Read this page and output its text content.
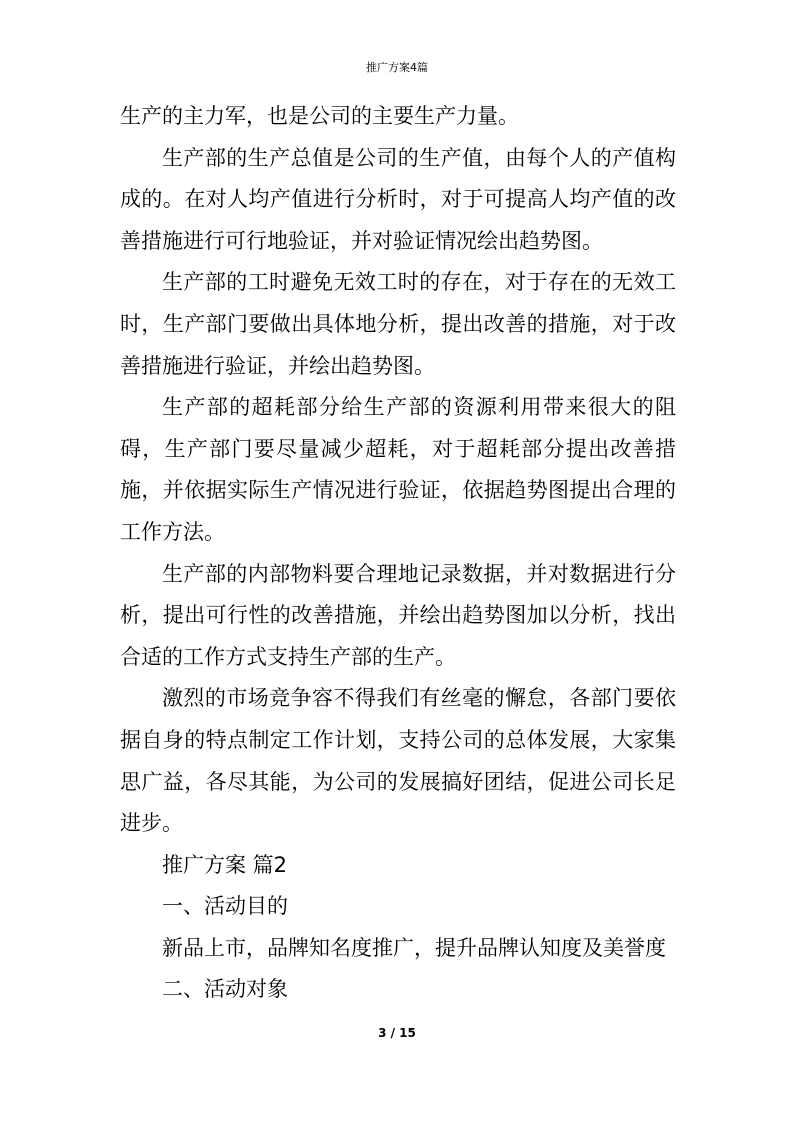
推广方案4篇

生产的主力军，也是公司的主要生产力量。

生产部的生产总值是公司的生产值，由每个人的产值构成的。在对人均产值进行分析时，对于可提高人均产值的改善措施进行可行地验证，并对验证情况绘出趋势图。

生产部的工时避免无效工时的存在，对于存在的无效工时，生产部门要做出具体地分析，提出改善的措施，对于改善措施进行验证，并绘出趋势图。

生产部的超耗部分给生产部的资源利用带来很大的阻碍，生产部门要尽量减少超耗，对于超耗部分提出改善措施，并依据实际生产情况进行验证，依据趋势图提出合理的工作方法。

生产部的内部物料要合理地记录数据，并对数据进行分析，提出可行性的改善措施，并绘出趋势图加以分析，找出合适的工作方式支持生产部的生产。

激烈的市场竞争容不得我们有丝毫的懈怠，各部门要依据自身的特点制定工作计划，支持公司的总体发展，大家集思广益，各尽其能，为公司的发展搞好团结，促进公司长足进步。

推广方案 篇2

一、活动目的

新品上市，品牌知名度推广，提升品牌认知度及美誉度

二、活动对象

3 / 15
